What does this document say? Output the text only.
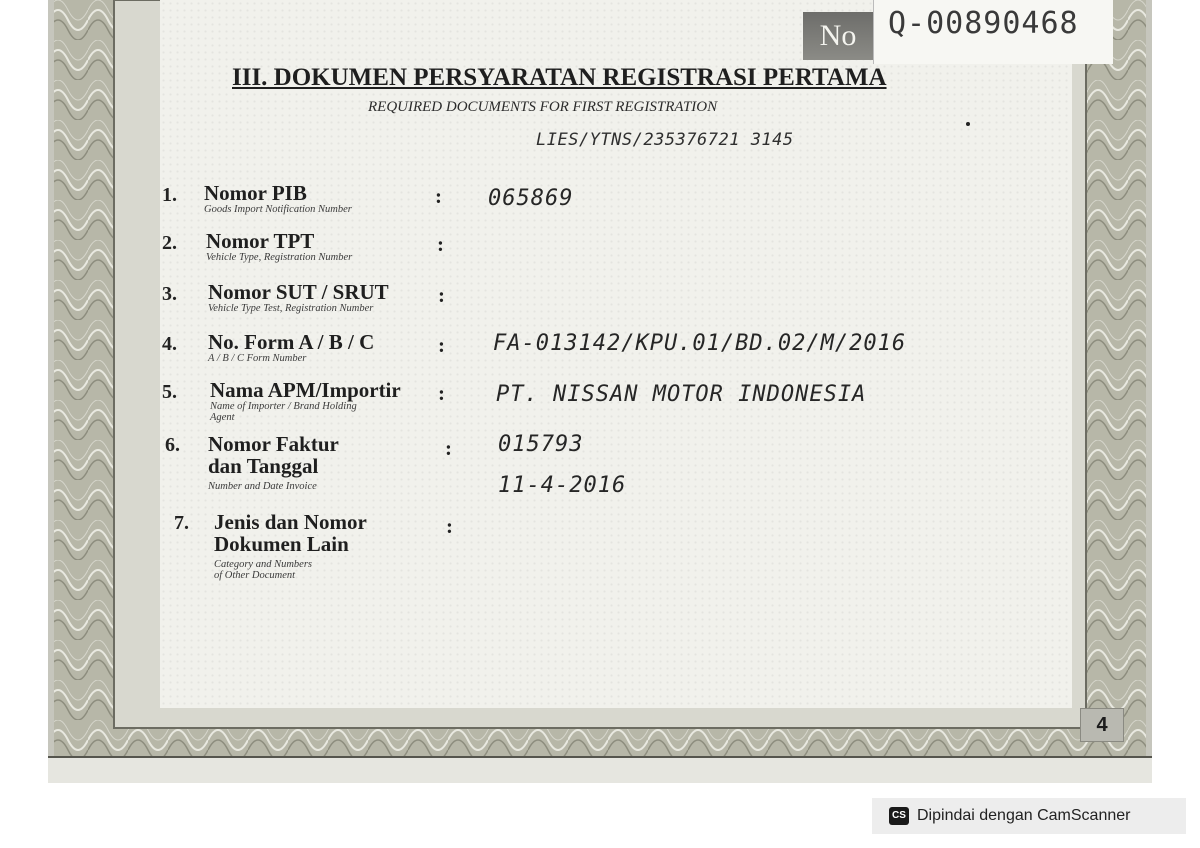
No	Q-00890468
III. DOKUMEN PERSYARATAN REGISTRASI PERTAMA
REQUIRED DOCUMENTS FOR FIRST REGISTRATION
LIES/YTNS/235376721 3145
1. Nomor PIB
Goods Import Notification Number
: 065869
2. Nomor TPT
Vehicle Type, Registration Number
:
3. Nomor SUT / SRUT
Vehicle Type Test, Registration Number
:
4. No. Form A / B / C
A / B / C Form Number
: FA-013142/KPU.01/BD.02/M/2016
5. Nama APM/Importir
Name of Importer / Brand Holding
Agent
: PT. NISSAN MOTOR INDONESIA
6. Nomor Faktur
dan Tanggal
Number and Date Invoice
: 015793
11-4-2016
7. Jenis dan Nomor
Dokumen Lain
Category and Numbers
of Other Document
:
4
CS Dipindai dengan CamScanner
